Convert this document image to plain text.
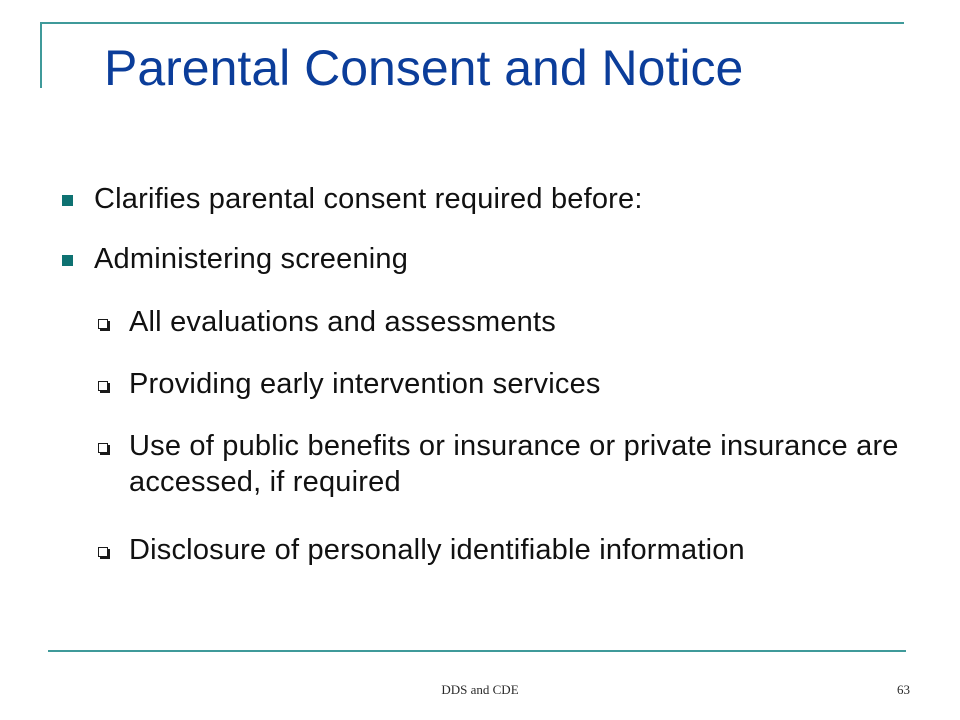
Parental Consent and Notice
Clarifies parental consent required before:
Administering screening
All evaluations and assessments
Providing early intervention services
Use of public benefits or insurance or private insurance are accessed, if required
Disclosure of personally identifiable information
DDS and CDE	63
